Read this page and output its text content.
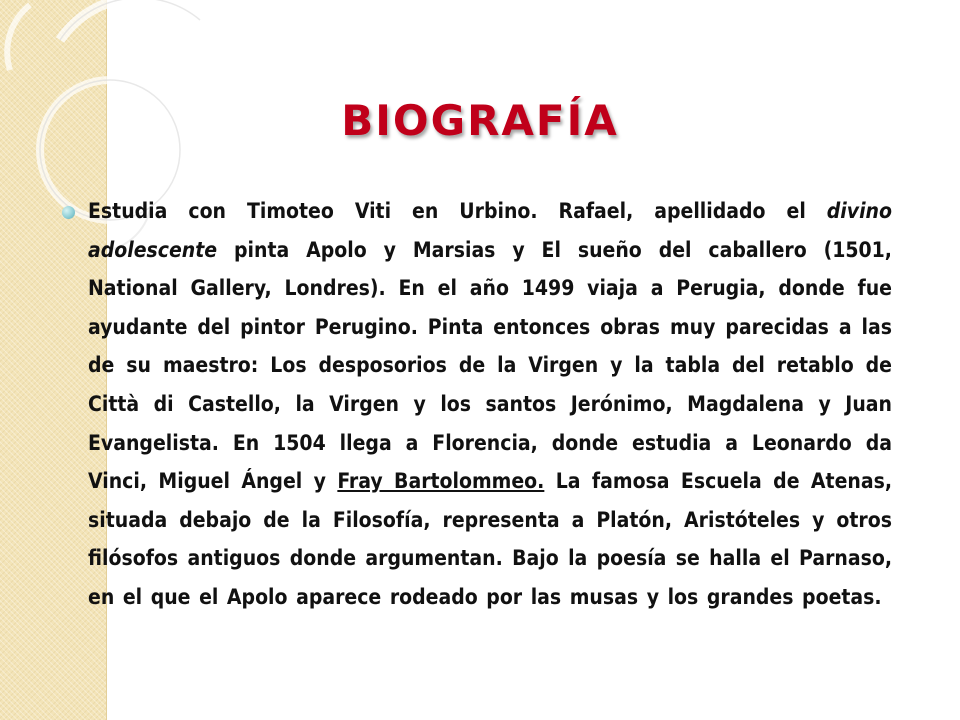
BIOGRAFÍA

Estudia con Timoteo Viti en Urbino. Rafael, apellidado el divino adolescente pinta Apolo y Marsias y El sueño del caballero (1501, National Gallery, Londres). En el año 1499 viaja a Perugia, donde fue ayudante del pintor Perugino. Pinta entonces obras muy parecidas a las de su maestro: Los desposorios de la Virgen y la tabla del retablo de Città di Castello, la Virgen y los santos Jerónimo, Magdalena y Juan Evangelista. En 1504 llega a Florencia, donde estudia a Leonardo da Vinci, Miguel Ángel y Fray Bartolommeo. La famosa Escuela de Atenas, situada debajo de la Filosofía, representa a Platón, Aristóteles y otros filósofos antiguos donde argumentan. Bajo la poesía se halla el Parnaso, en el que el Apolo aparece rodeado por las musas y los grandes poetas.
